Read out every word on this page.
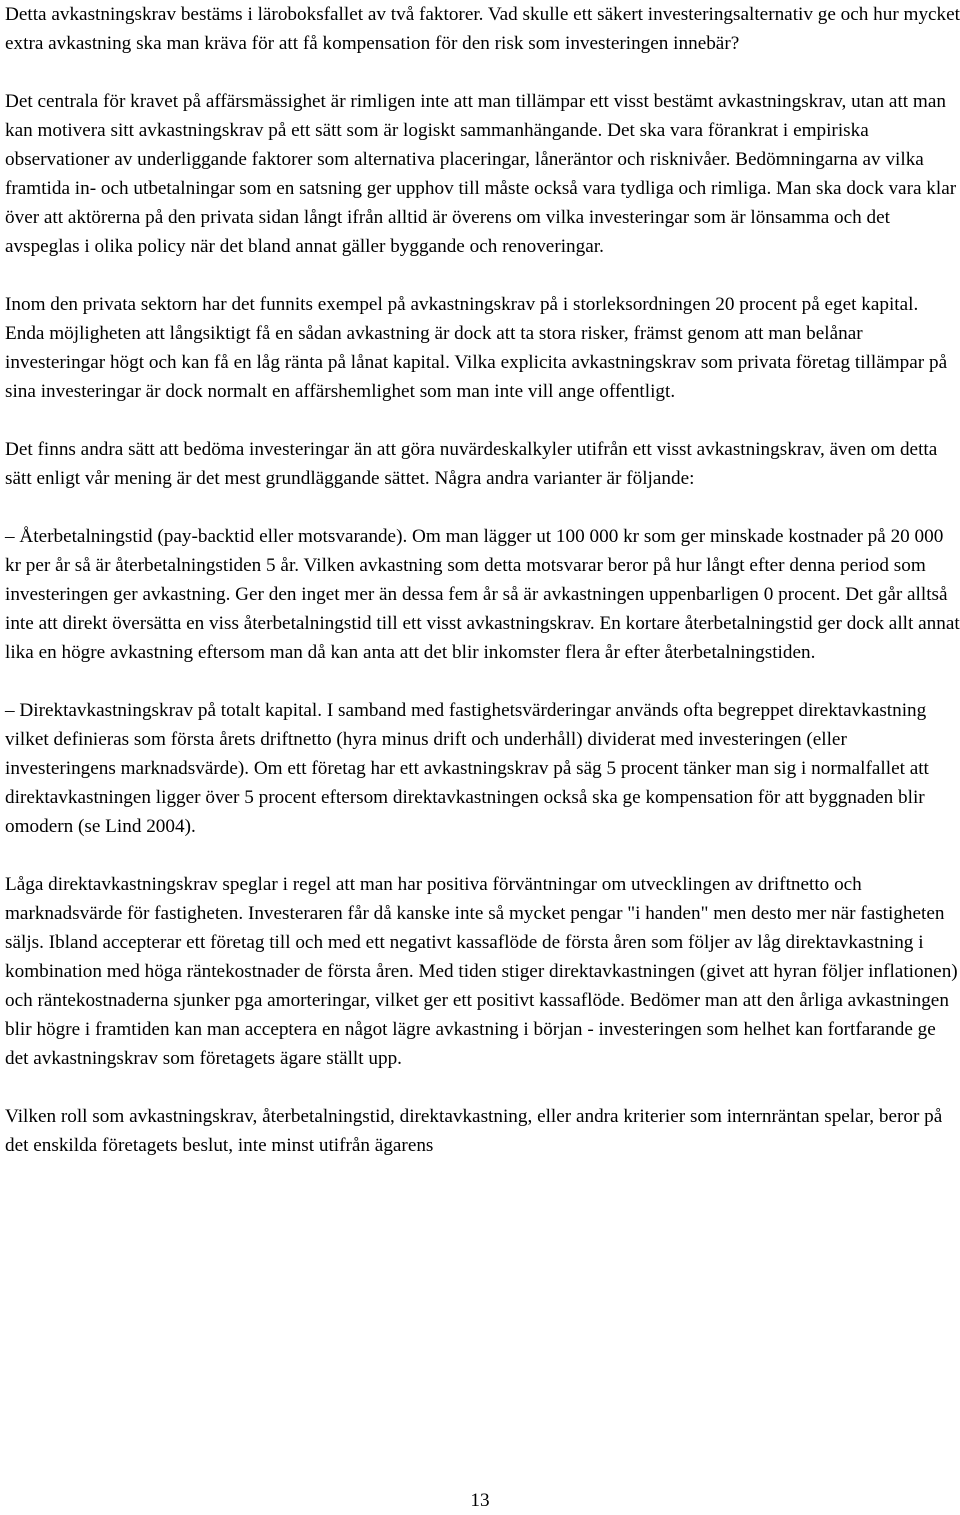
Detta avkastningskrav bestäms i läroboksfallet av två faktorer. Vad skulle ett säkert investeringsalternativ ge och hur mycket extra avkastning ska man kräva för att få kompensation för den risk som investeringen innebär?

Det centrala för kravet på affärsmässighet är rimligen inte att man tillämpar ett visst bestämt avkastningskrav, utan att man kan motivera sitt avkastningskrav på ett sätt som är logiskt sammanhängande. Det ska vara förankrat i empiriska observationer av underliggande faktorer som alternativa placeringar, låneräntor och risknivåer. Bedömningarna av vilka framtida in- och utbetalningar som en satsning ger upphov till måste också vara tydliga och rimliga. Man ska dock vara klar över att aktörerna på den privata sidan långt ifrån alltid är överens om vilka investeringar som är lönsamma och det avspeglas i olika policy när det bland annat gäller byggande och renoveringar.

Inom den privata sektorn har det funnits exempel på avkastningskrav på i storleksordningen 20 procent på eget kapital. Enda möjligheten att långsiktigt få en sådan avkastning är dock att ta stora risker, främst genom att man belånar investeringar högt och kan få en låg ränta på lånat kapital. Vilka explicita avkastningskrav som privata företag tillämpar på sina investeringar är dock normalt en affärshemlighet som man inte vill ange offentligt.

Det finns andra sätt att bedöma investeringar än att göra nuvärdeskalkyler utifrån ett visst avkastningskrav, även om detta sätt enligt vår mening är det mest grundläggande sättet. Några andra varianter är följande:

– Återbetalningstid (pay-backtid eller motsvarande). Om man lägger ut 100 000 kr som ger minskade kostnader på 20 000 kr per år så är återbetalningstiden 5 år. Vilken avkastning som detta motsvarar beror på hur långt efter denna period som investeringen ger avkastning. Ger den inget mer än dessa fem år så är avkastningen uppenbarligen 0 procent. Det går alltså inte att direkt översätta en viss återbetalningstid till ett visst avkastningskrav. En kortare återbetalningstid ger dock allt annat lika en högre avkastning eftersom man då kan anta att det blir inkomster flera år efter återbetalningstiden.

– Direktavkastningskrav på totalt kapital. I samband med fastighetsvärderingar används ofta begreppet direktavkastning vilket definieras som första årets driftnetto (hyra minus drift och underhåll) dividerat med investeringen (eller investeringens marknadsvärde). Om ett företag har ett avkastningskrav på säg 5 procent tänker man sig i normalfallet att direktavkastningen ligger över 5 procent eftersom direktavkastningen också ska ge kompensation för att byggnaden blir omodern (se Lind 2004).

Låga direktavkastningskrav speglar i regel att man har positiva förväntningar om utvecklingen av driftnetto och marknadsvärde för fastigheten. Investeraren får då kanske inte så mycket pengar "i handen" men desto mer när fastigheten säljs. Ibland accepterar ett företag till och med ett negativt kassaflöde de första åren som följer av låg direktavkastning i kombination med höga räntekostnader de första åren. Med tiden stiger direktavkastningen (givet att hyran följer inflationen) och räntekostnaderna sjunker pga amorteringar, vilket ger ett positivt kassaflöde. Bedömer man att den årliga avkastningen blir högre i framtiden kan man acceptera en något lägre avkastning i början - investeringen som helhet kan fortfarande ge det avkastningskrav som företagets ägare ställt upp.

Vilken roll som avkastningskrav, återbetalningstid, direktavkastning, eller andra kriterier som internräntan spelar, beror på det enskilda företagets beslut, inte minst utifrån ägarens

13
